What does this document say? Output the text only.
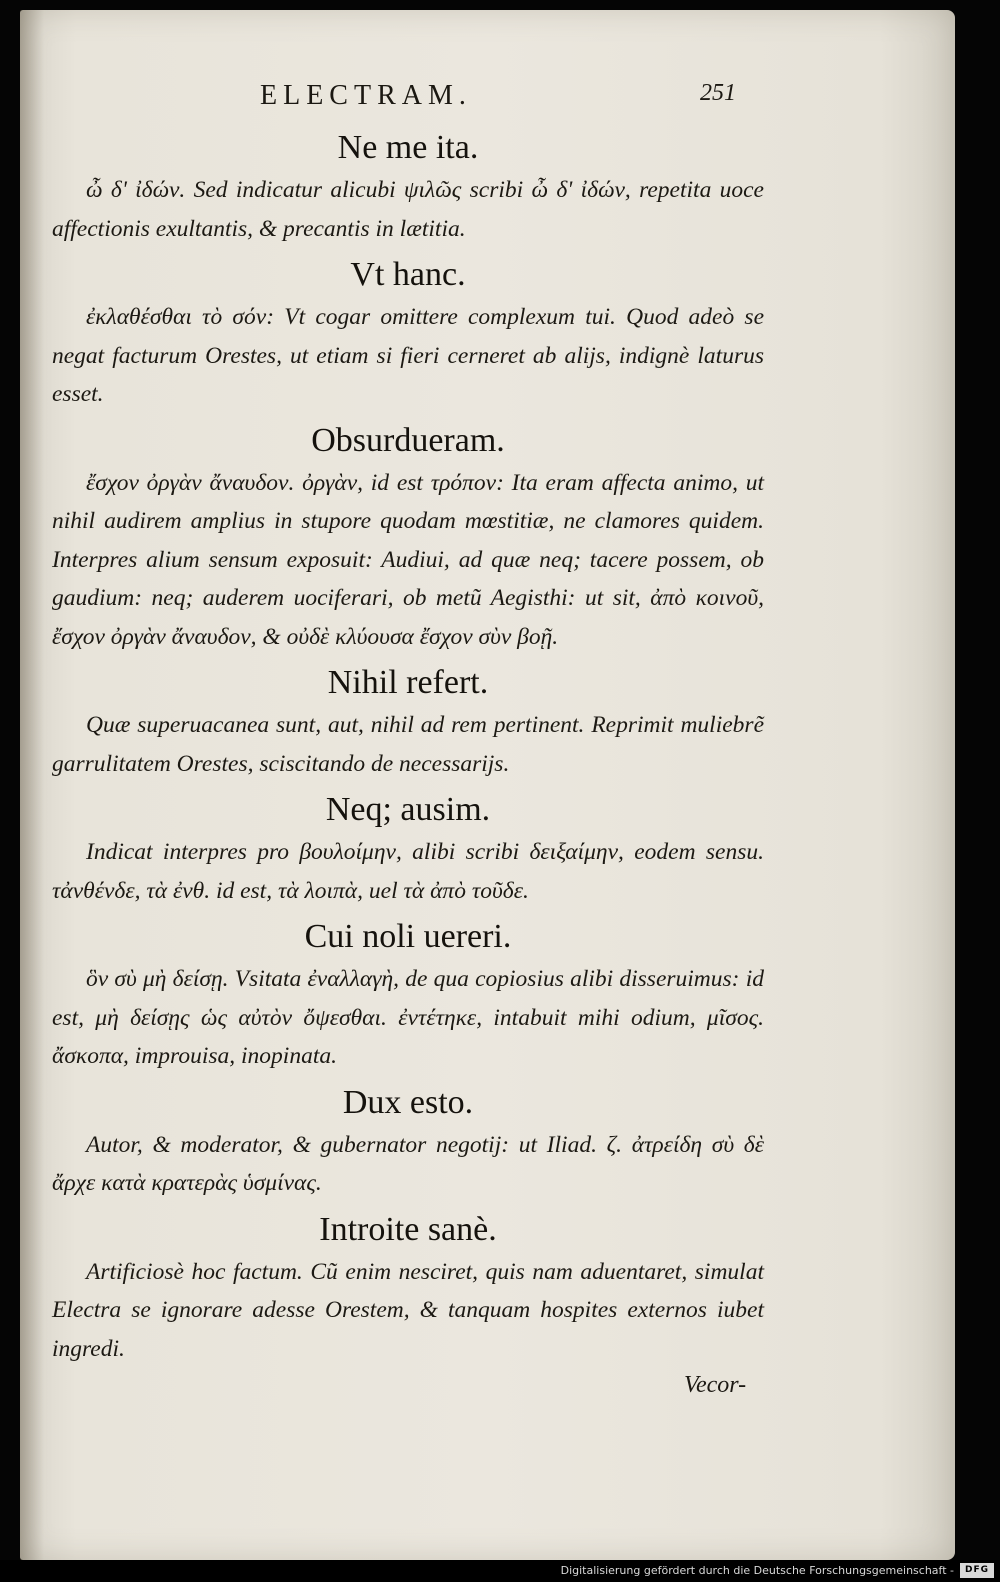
ELECTRAM.	251
Ne me ita.

ὦ δ' ἰδών. Sed indicatur alicubi ψιλῶς scribi ὦ δ' ἰδών, repetita uoce affectionis exultantis, & precantis in lætitia.

Vt hanc.

ἐκλαθέσθαι τὸ σόν: Vt cogar omittere complexum tui. Quod adeò se negat facturum Orestes, ut etiam si fieri cerneret ab alijs, indignè laturus esset.

Obsurdueram.

ἔσχον ὀργὰν ἄναυδον. ὀργὰν, id est τρόπον: Ita eram affecta animo, ut nihil audirem amplius in stupore quodam mœstitiæ, ne clamores quidem. Interpres alium sensum exposuit: Audiui, ad quæ neq; tacere possem, ob gaudium: neq; auderem uociferari, ob metũ Aegisthi: ut sit, ἀπὸ κοινοῦ, ἔσχον ὀργὰν ἄναυδον, & οὐδὲ κλύουσα ἔσχον σὺν βοῇ.

Nihil refert.

Quæ superuacanea sunt, aut, nihil ad rem pertinent. Reprimit muliebrẽ garrulitatem Orestes, sciscitando de necessarijs.

Neq; ausim.

Indicat interpres pro βουλοίμην, alibi scribi δειξαίμην, eodem sensu. τἀνθένδε, τὰ ἐνθ. id est, τὰ λοιπὰ, uel τὰ ἀπὸ τοῦδε.

Cui noli uereri.

ὃν σὺ μὴ δείσῃ. Vsitata ἐναλλαγὴ, de qua copiosius alibi disseruimus: id est, μὴ δείσῃς ὡς αὐτὸν ὄψεσθαι. ἐντέτηκε, intabuit mihi odium, μῖσος. ἄσκοπα, improuisa, inopinata.

Dux esto.

Autor, & moderator, & gubernator negotij: ut Iliad. ζ. ἀτρείδη σὺ δὲ ἄρχε κατὰ κρατερὰς ὑσμίνας.

Introite sanè.

Artificiosè hoc factum. Cũ enim nesciret, quis nam aduentaret, simulat Electra se ignorare adesse Orestem, & tanquam hospites externos iubet ingredi.

Vecor-
Digitalisierung gefördert durch die Deutsche Forschungsgemeinschaft -	DFG
